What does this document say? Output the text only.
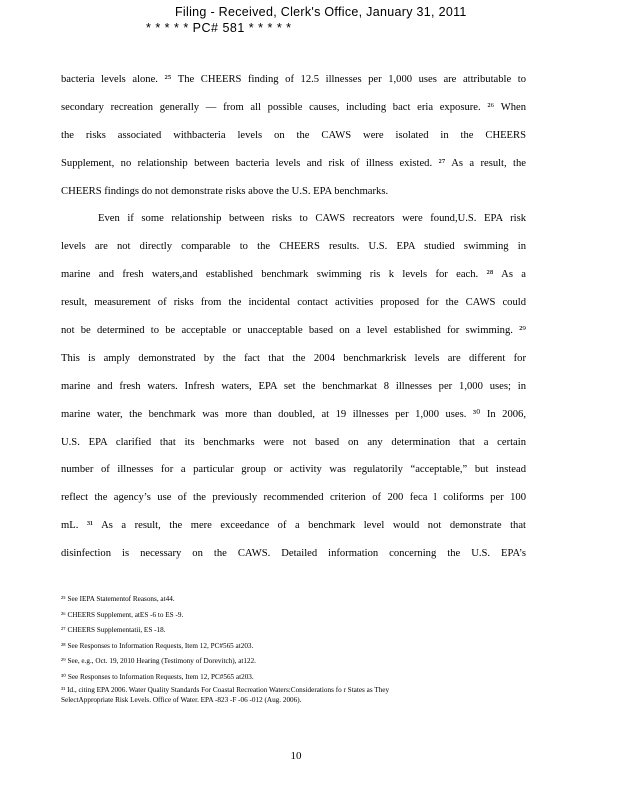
Filing - Received, Clerk's Office, January 31, 2011
* * * * * PC# 581 * * * * *
bacteria levels alone. ²⁵ The CHEERS finding of 12.5 illnesses per 1,000 uses are attributable to
secondary recreation generally — from all possible causes, including bact eria exposure. ²⁶ When
the risks associated withbacteria levels on the CAWS were isolated in the CHEERS
Supplement, no relationship between bacteria levels and risk of illness existed. ²⁷ As a result, the
CHEERS findings do not demonstrate risks above the U.S. EPA benchmarks.
Even if some relationship between risks to CAWS recreators were found,U.S. EPA risk
levels are not directly comparable to the CHEERS results. U.S. EPA studied swimming in
marine and fresh waters,and established benchmark swimming ris k levels for each. ²⁸ As a
result, measurement of risks from the incidental contact activities proposed for the CAWS could
not be determined to be acceptable or unacceptable based on a level established for swimming. ²⁹
This is amply demonstrated by the fact that the 2004 benchmarkrisk levels are different for
marine and fresh waters. Infresh waters, EPA set the benchmarkat 8 illnesses per 1,000 uses; in
marine water, the benchmark was more than doubled, at 19 illnesses per 1,000 uses. ³⁰ In 2006,
U.S. EPA clarified that its benchmarks were not based on any determination that a certain
number of illnesses for a particular group or activity was regulatorily “acceptable,” but instead
reflect the agency’s use of the previously recommended criterion of 200 feca l coliforms per 100
mL. ³¹ As a result, the mere exceedance of a benchmark level would not demonstrate that
disinfection is necessary on the CAWS. Detailed information concerning the U.S. EPA’s
²⁵ See IEPA Statementof Reasons, at44.
²⁶ CHEERS Supplement, atES -6 to ES -9.
²⁷ CHEERS Supplementatii, ES -18.
²⁸ See Responses to Information Requests, Item 12, PC#565 at203.
²⁹ See, e.g., Oct. 19, 2010 Hearing (Testimony of Dorevitch), at122.
³⁰ See Responses to Information Requests, Item 12, PC#565 at203.
³¹ Id., citing EPA 2006. Water Quality Standards For Coastal Recreation Waters:Considerations fo r States as They
SelectAppropriate Risk Levels. Office of Water. EPA -823 -F -06 -012 (Aug. 2006).
10
